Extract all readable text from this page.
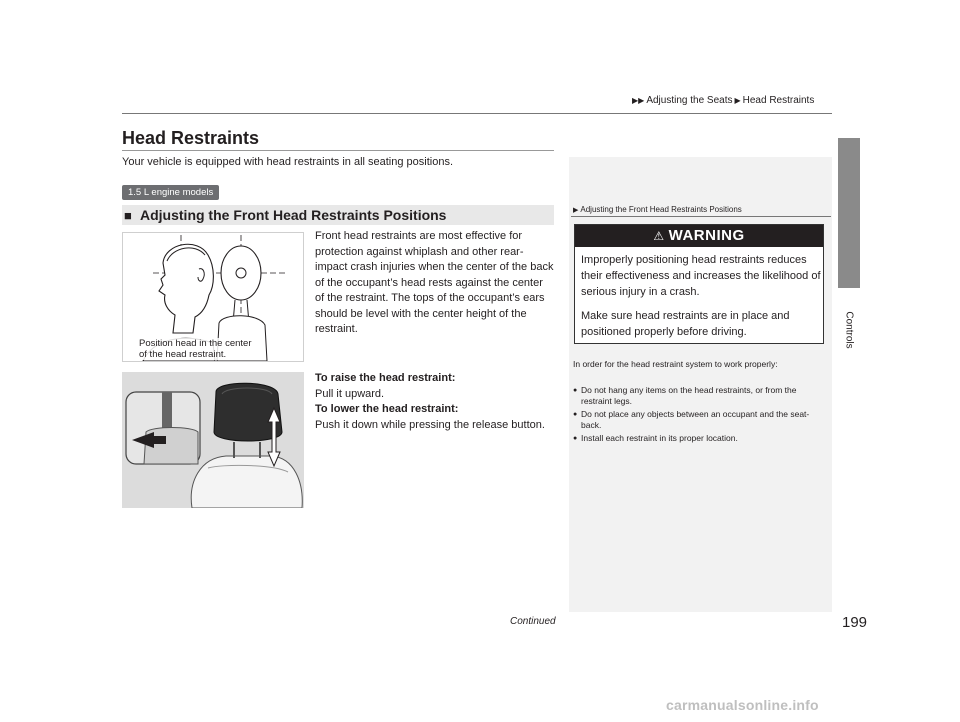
▶▶ Adjusting the Seats ▶ Head Restraints
Controls
Head Restraints
Your vehicle is equipped with head restraints in all seating positions.
1.5 L engine models
■ Adjusting the Front Head Restraints Positions
Position head in the center
of the head restraint.
Front head restraints are most effective for protection against whiplash and other rear-impact crash injuries when the center of the back of the occupant’s head rests against the center of the restraint. The tops of the occupant’s ears should be level with the center height of the restraint.
To raise the head restraint:
Pull it upward.
To lower the head restraint:
Push it down while pressing the release button.
▶ Adjusting the Front Head Restraints Positions
⚠ WARNING
Improperly positioning head restraints reduces their effectiveness and increases the likelihood of serious injury in a crash.
Make sure head restraints are in place and positioned properly before driving.
In order for the head restraint system to work properly:
● Do not hang any items on the head restraints, or from the restraint legs.
● Do not place any objects between an occupant and the seat-back.
● Install each restraint in its proper location.
Continued	199
carmanualsonline.info
